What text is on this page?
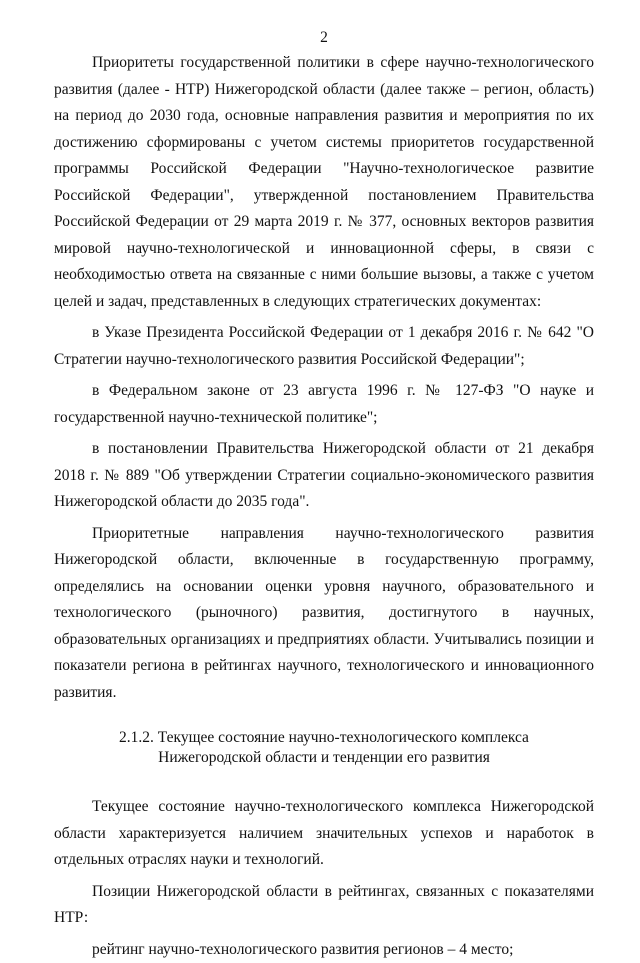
2

Приоритеты государственной политики в сфере научно-технологического развития (далее - НТР) Нижегородской области (далее также – регион, область) на период до 2030 года, основные направления развития и мероприятия по их достижению сформированы с учетом системы приоритетов государственной программы Российской Федерации "Научно-технологическое развитие Российской Федерации", утвержденной постановлением Правительства Российской Федерации от 29 марта 2019 г. № 377, основных векторов развития мировой научно-технологической и инновационной сферы, в связи с необходимостью ответа на связанные с ними большие вызовы, а также с учетом целей и задач, представленных в следующих стратегических документах:

в Указе Президента Российской Федерации от 1 декабря 2016 г. № 642 "О Стратегии научно-технологического развития Российской Федерации";

в Федеральном законе от 23 августа 1996 г. № 127-ФЗ "О науке и государственной научно-технической политике";

в постановлении Правительства Нижегородской области от 21 декабря 2018 г. № 889 "Об утверждении Стратегии социально-экономического развития Нижегородской области до 2035 года".

Приоритетные направления научно-технологического развития Нижегородской области, включенные в государственную программу, определялись на основании оценки уровня научного, образовательного и технологического (рыночного) развития, достигнутого в научных, образовательных организациях и предприятиях области. Учитывались позиции и показатели региона в рейтингах научного, технологического и инновационного развития.

2.1.2. Текущее состояние научно-технологического комплекса
Нижегородской области и тенденции его развития

Текущее состояние научно-технологического комплекса Нижегородской области характеризуется наличием значительных успехов и наработок в отдельных отраслях науки и технологий.

Позиции Нижегородской области в рейтингах, связанных с показателями НТР:

рейтинг научно-технологического развития регионов – 4 место;
